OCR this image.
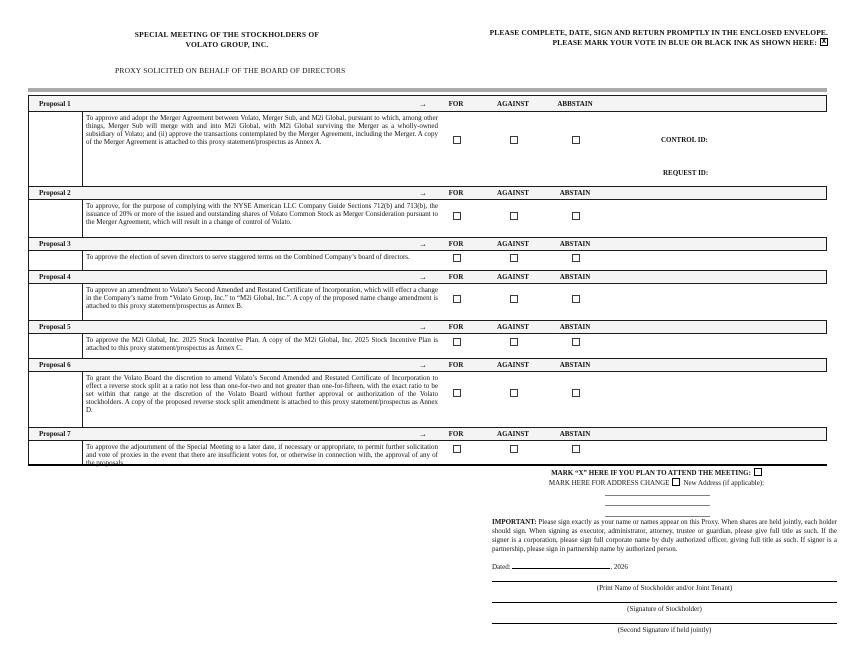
SPECIAL MEETING OF THE STOCKHOLDERS OF
VOLATO GROUP, INC.
PROXY SOLICITED ON BEHALF OF THE BOARD OF DIRECTORS
PLEASE COMPLETE, DATE, SIGN AND RETURN PROMPTLY IN THE ENCLOSED ENVELOPE.
PLEASE MARK YOUR VOTE IN BLUE OR BLACK INK AS SHOWN HERE:X
Proposal 1	→	FOR	AGAINST	ABBSTAIN

To approve and adopt the Merger Agreement between Volato, Merger Sub, and M2i Global, pursuant to which, among other things, Merger Sub will merge with and into M2i Global, with M2i Global surviving the Merger as a wholly-owned subsidiary of Volato; and (ii) approve the transactions contemplated by the Merger Agreement, including the Merger. A copy of the Merger Agreement is attached to this proxy statement/prospectus as Annex A.	CONTROL ID:
REQUEST ID:
Proposal 2	→	FOR	AGAINST	ABSTAIN

To approve, for the purpose of complying with the NYSE American LLC Company Guide Sections 712(b) and 713(b), the issuance of 20% or more of the issued and outstanding shares of Volato Common Stock as Merger Consideration pursuant to the Merger Agreement, which will result in a change of control of Volato.

Proposal 3	→	FOR	AGAINST	ABSTAIN

To approve the election of seven directors to serve staggered terms on the Combined Company’s board of directors.

Proposal 4	→	FOR	AGAINST	ABSTAIN

To approve an amendment to Volato’s Second Amended and Restated Certificate of Incorporation, which will effect a change in the Company’s name from “Volato Group, Inc.” to “M2i Global, Inc.”. A copy of the proposed name change amendment is attached to this proxy statement/prospectus as Annex B.

Proposal 5	→	FOR	AGAINST	ABSTAIN

To approve the M2i Global, Inc. 2025 Stock Incentive Plan. A copy of the M2i Global, Inc. 2025 Stock Incentive Plan is attached to this proxy statement/prospectus as Annex C.

Proposal 6	→	FOR	AGAINST	ABSTAIN

To grant the Volato Board the discretion to amend Volato’s Second Amended and Restated Certificate of Incorporation to effect a reverse stock split at a ratio not less than one-for-two and not greater than one-for-fifteen, with the exact ratio to be set within that range at the discretion of the Volato Board without further approval or authorization of the Volato stockholders. A copy of the proposed reverse stock split amendment is attached to this proxy statement/prospectus as Annex D.

Proposal 7	→	FOR	AGAINST	ABSTAIN

To approve the adjournment of the Special Meeting to a later date, if necessary or appropriate, to permit further solicitation and vote of proxies in the event that there are insufficient votes for, or otherwise in connection with, the approval of any of the proposals.

MARK “X” HERE IF YOU PLAN TO ATTEND THE MEETING:
MARK HERE FOR ADDRESS CHANGE New Address (if applicable):
IMPORTANT: Please sign exactly as your name or names appear on this Proxy. When shares are held jointly, each holder should sign. When signing as executor, administrator, attorney, trustee or guardian, please give full title as such. If the signer is a corporation, please sign full corporate name by duly authorized officer, giving full title as such. If signer is a partnership, please sign in partnership name by authorized person.
Dated:	, 2026
(Print Name of Stockholder and/or Joint Tenant)
(Signature of Stockholder)
(Second Signature if held jointly)
